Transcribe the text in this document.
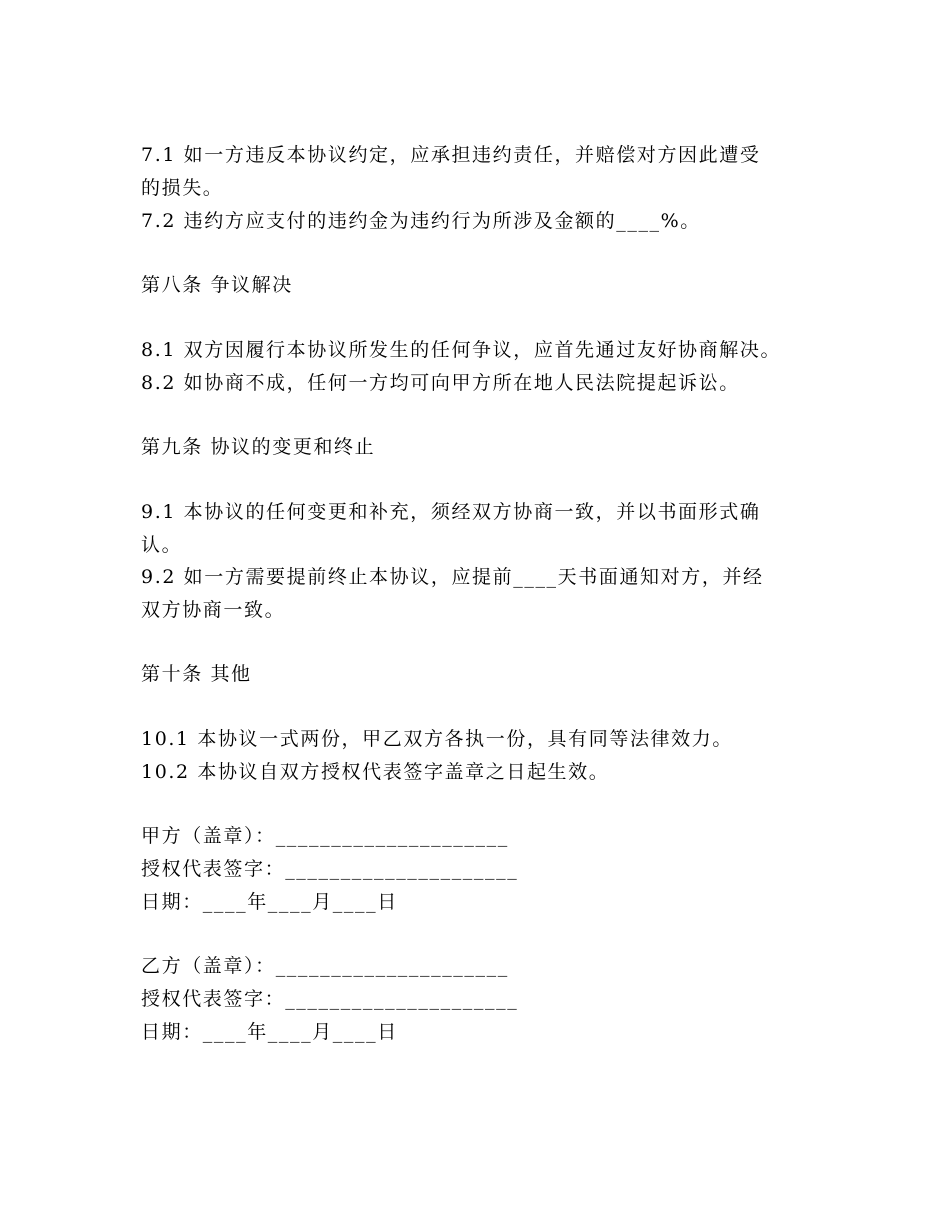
7.1 如一方违反本协议约定，应承担违约责任，并赔偿对方因此遭受
的损失。
7.2 违约方应支付的违约金为违约行为所涉及金额的____%。
第八条 争议解决
8.1 双方因履行本协议所发生的任何争议，应首先通过友好协商解决。
8.2 如协商不成，任何一方均可向甲方所在地人民法院提起诉讼。
第九条 协议的变更和终止
9.1 本协议的任何变更和补充，须经双方协商一致，并以书面形式确
认。
9.2 如一方需要提前终止本协议，应提前____天书面通知对方，并经
双方协商一致。
第十条 其他
10.1 本协议一式两份，甲乙双方各执一份，具有同等法律效力。
10.2 本协议自双方授权代表签字盖章之日起生效。
甲方（盖章）：_____________________
授权代表签字：_____________________
日期：____年____月____日
乙方（盖章）：_____________________
授权代表签字：_____________________
日期：____年____月____日
